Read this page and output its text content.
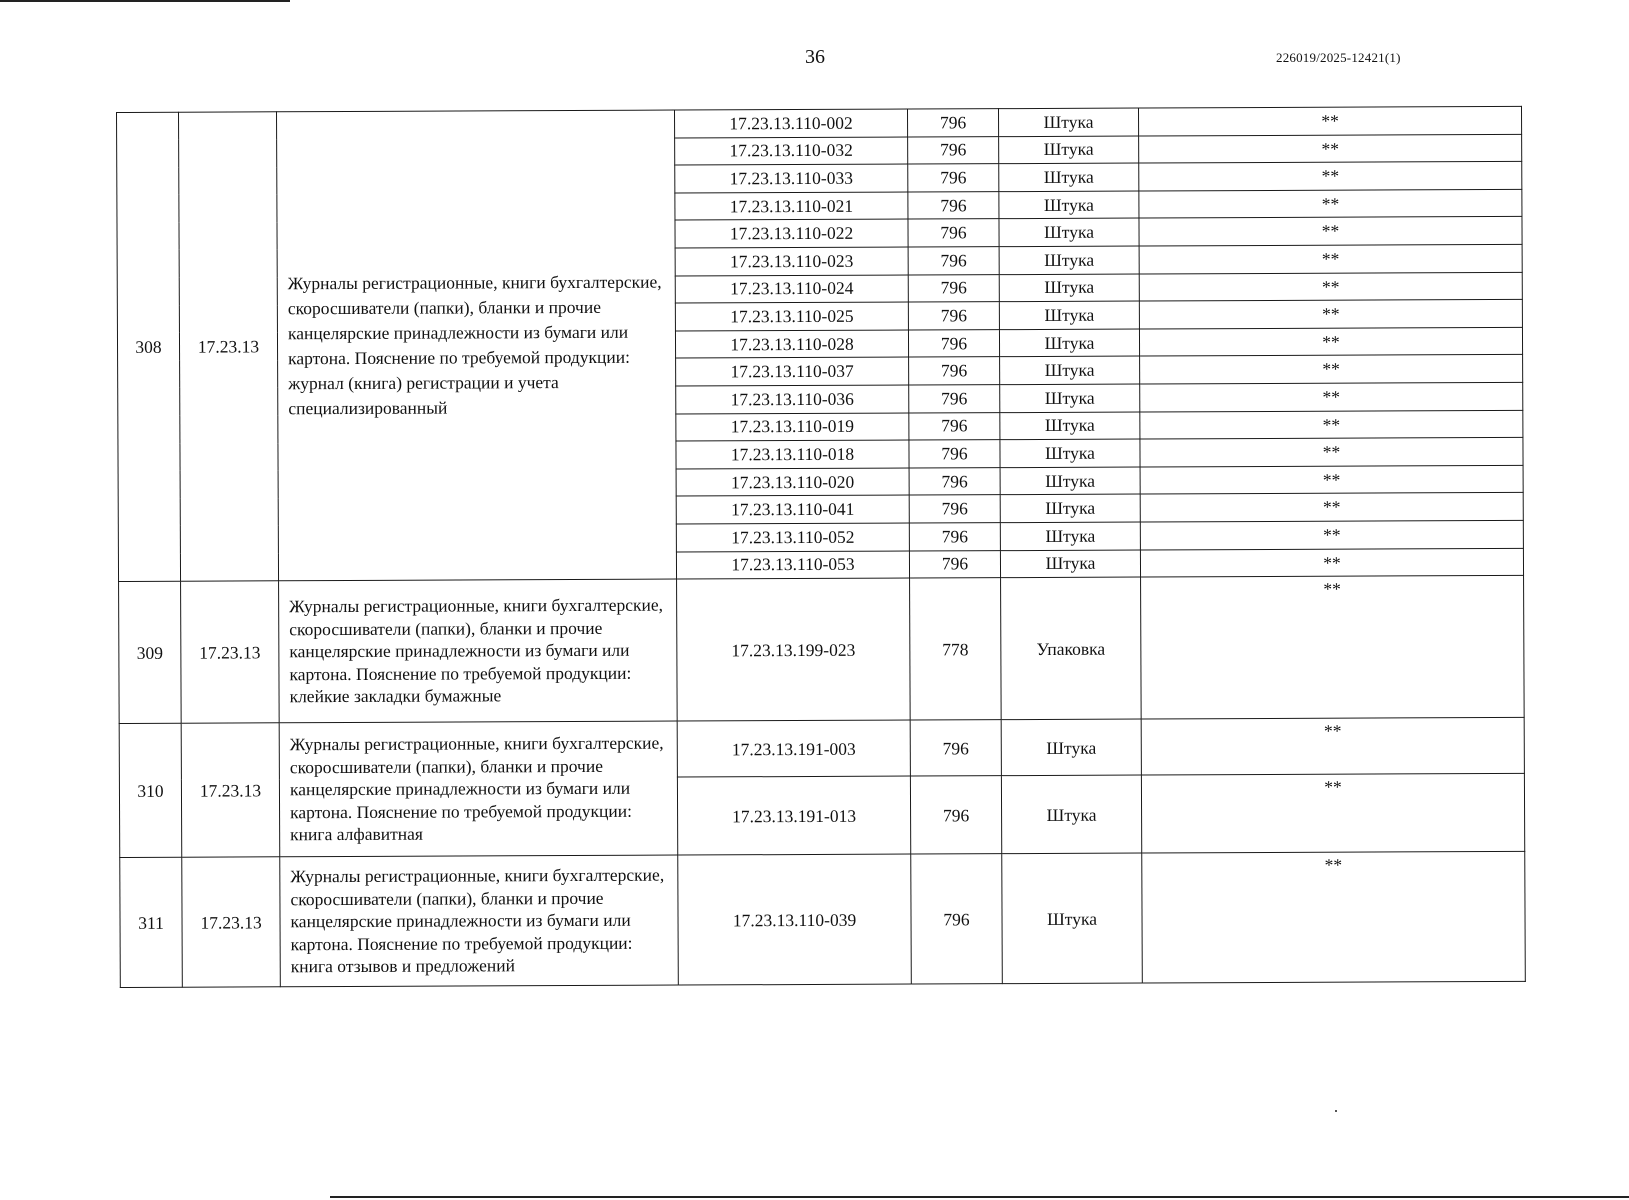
36	226019/2025-12421(1)
308	17.23.13	Журналы регистрационные, книги бухгалтерские, скоросшиватели (папки), бланки и прочие канцелярские принадлежности из бумаги или картона. Пояснение по требуемой продукции: журнал (книга) регистрации и учета специализированный	17.23.13.110-002	796	Штука	**
			17.23.13.110-032	796	Штука	**
			17.23.13.110-033	796	Штука	**
			17.23.13.110-021	796	Штука	**
			17.23.13.110-022	796	Штука	**
			17.23.13.110-023	796	Штука	**
			17.23.13.110-024	796	Штука	**
			17.23.13.110-025	796	Штука	**
			17.23.13.110-028	796	Штука	**
			17.23.13.110-037	796	Штука	**
			17.23.13.110-036	796	Штука	**
			17.23.13.110-019	796	Штука	**
			17.23.13.110-018	796	Штука	**
			17.23.13.110-020	796	Штука	**
			17.23.13.110-041	796	Штука	**
			17.23.13.110-052	796	Штука	**
			17.23.13.110-053	796	Штука	**
309	17.23.13	Журналы регистрационные, книги бухгалтерские, скоросшиватели (папки), бланки и прочие канцелярские принадлежности из бумаги или картона. Пояснение по требуемой продукции: клейкие закладки бумажные	17.23.13.199-023	778	Упаковка	**
310	17.23.13	Журналы регистрационные, книги бухгалтерские, скоросшиватели (папки), бланки и прочие канцелярские принадлежности из бумаги или картона. Пояснение по требуемой продукции: книга алфавитная	17.23.13.191-003	796	Штука	**
			17.23.13.191-013	796	Штука	**
311	17.23.13	Журналы регистрационные, книги бухгалтерские, скоросшиватели (папки), бланки и прочие канцелярские принадлежности из бумаги или картона. Пояснение по требуемой продукции: книга отзывов и предложений	17.23.13.110-039	796	Штука	**
